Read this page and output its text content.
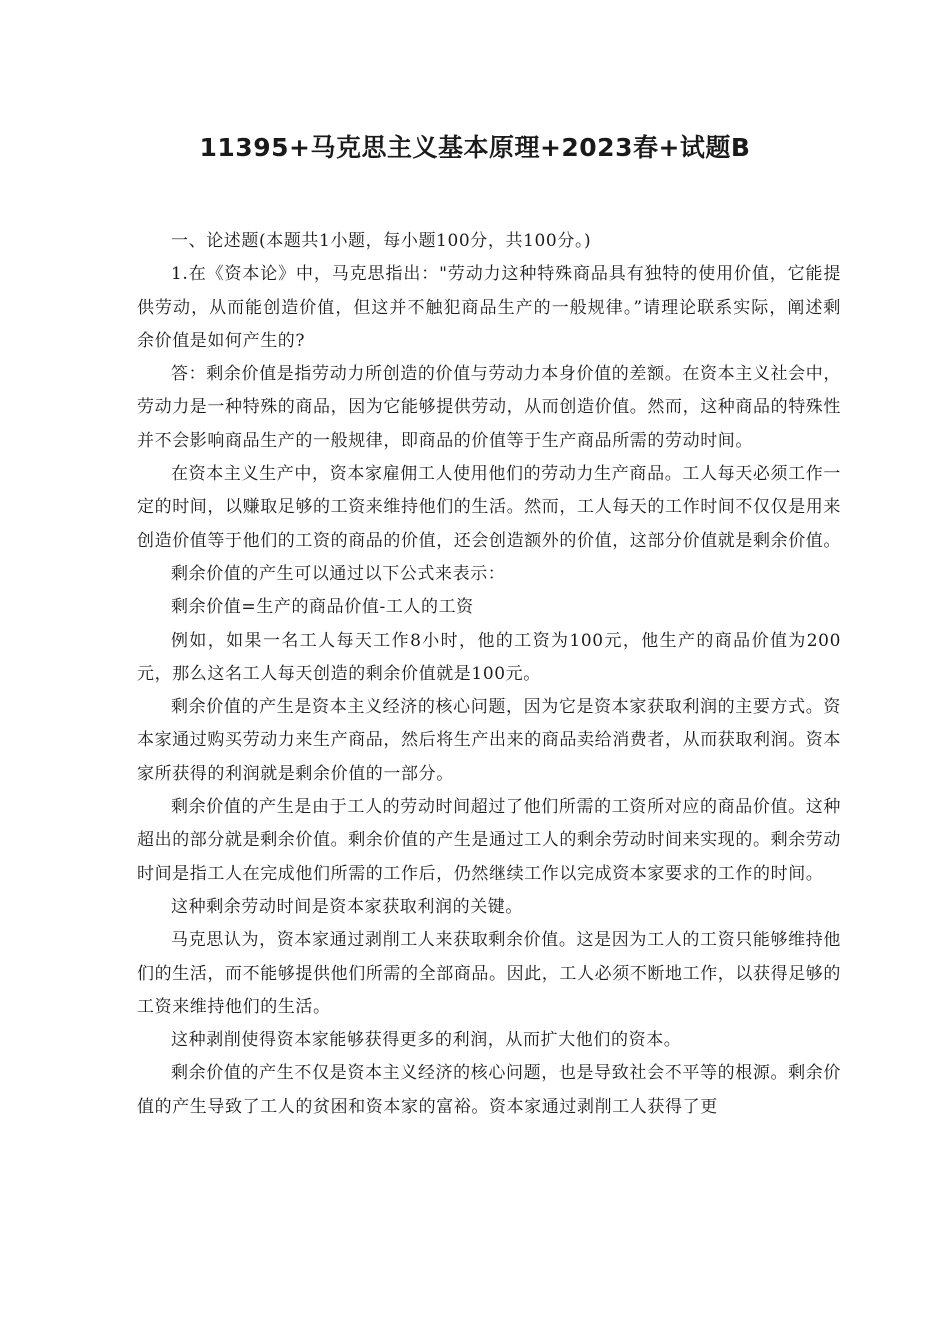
11395+马克思主义基本原理+2023春+试题B

一、论述题(本题共1小题，每小题100分，共100分。)

1.在《资本论》中，马克思指出："劳动力这种特殊商品具有独特的使用价值，它能提供劳动，从而能创造价值，但这并不触犯商品生产的一般规律。”请理论联系实际，阐述剩余价值是如何产生的?

答：剩余价值是指劳动力所创造的价值与劳动力本身价值的差额。在资本主义社会中，劳动力是一种特殊的商品，因为它能够提供劳动，从而创造价值。然而，这种商品的特殊性并不会影响商品生产的一般规律，即商品的价值等于生产商品所需的劳动时间。

在资本主义生产中，资本家雇佣工人使用他们的劳动力生产商品。工人每天必须工作一定的时间，以赚取足够的工资来维持他们的生活。然而，工人每天的工作时间不仅仅是用来创造价值等于他们的工资的商品的价值，还会创造额外的价值，这部分价值就是剩余价值。

剩余价值的产生可以通过以下公式来表示：

剩余价值=生产的商品价值-工人的工资

例如，如果一名工人每天工作8小时，他的工资为100元，他生产的商品价值为200元，那么这名工人每天创造的剩余价值就是100元。

剩余价值的产生是资本主义经济的核心问题，因为它是资本家获取利润的主要方式。资本家通过购买劳动力来生产商品，然后将生产出来的商品卖给消费者，从而获取利润。资本家所获得的利润就是剩余价值的一部分。

剩余价值的产生是由于工人的劳动时间超过了他们所需的工资所对应的商品价值。这种超出的部分就是剩余价值。剩余价值的产生是通过工人的剩余劳动时间来实现的。剩余劳动时间是指工人在完成他们所需的工作后，仍然继续工作以完成资本家要求的工作的时间。

这种剩余劳动时间是资本家获取利润的关键。

马克思认为，资本家通过剥削工人来获取剩余价值。这是因为工人的工资只能够维持他们的生活，而不能够提供他们所需的全部商品。因此，工人必须不断地工作，以获得足够的工资来维持他们的生活。

这种剥削使得资本家能够获得更多的利润，从而扩大他们的资本。

剩余价值的产生不仅是资本主义经济的核心问题，也是导致社会不平等的根源。剩余价值的产生导致了工人的贫困和资本家的富裕。资本家通过剥削工人获得了更
